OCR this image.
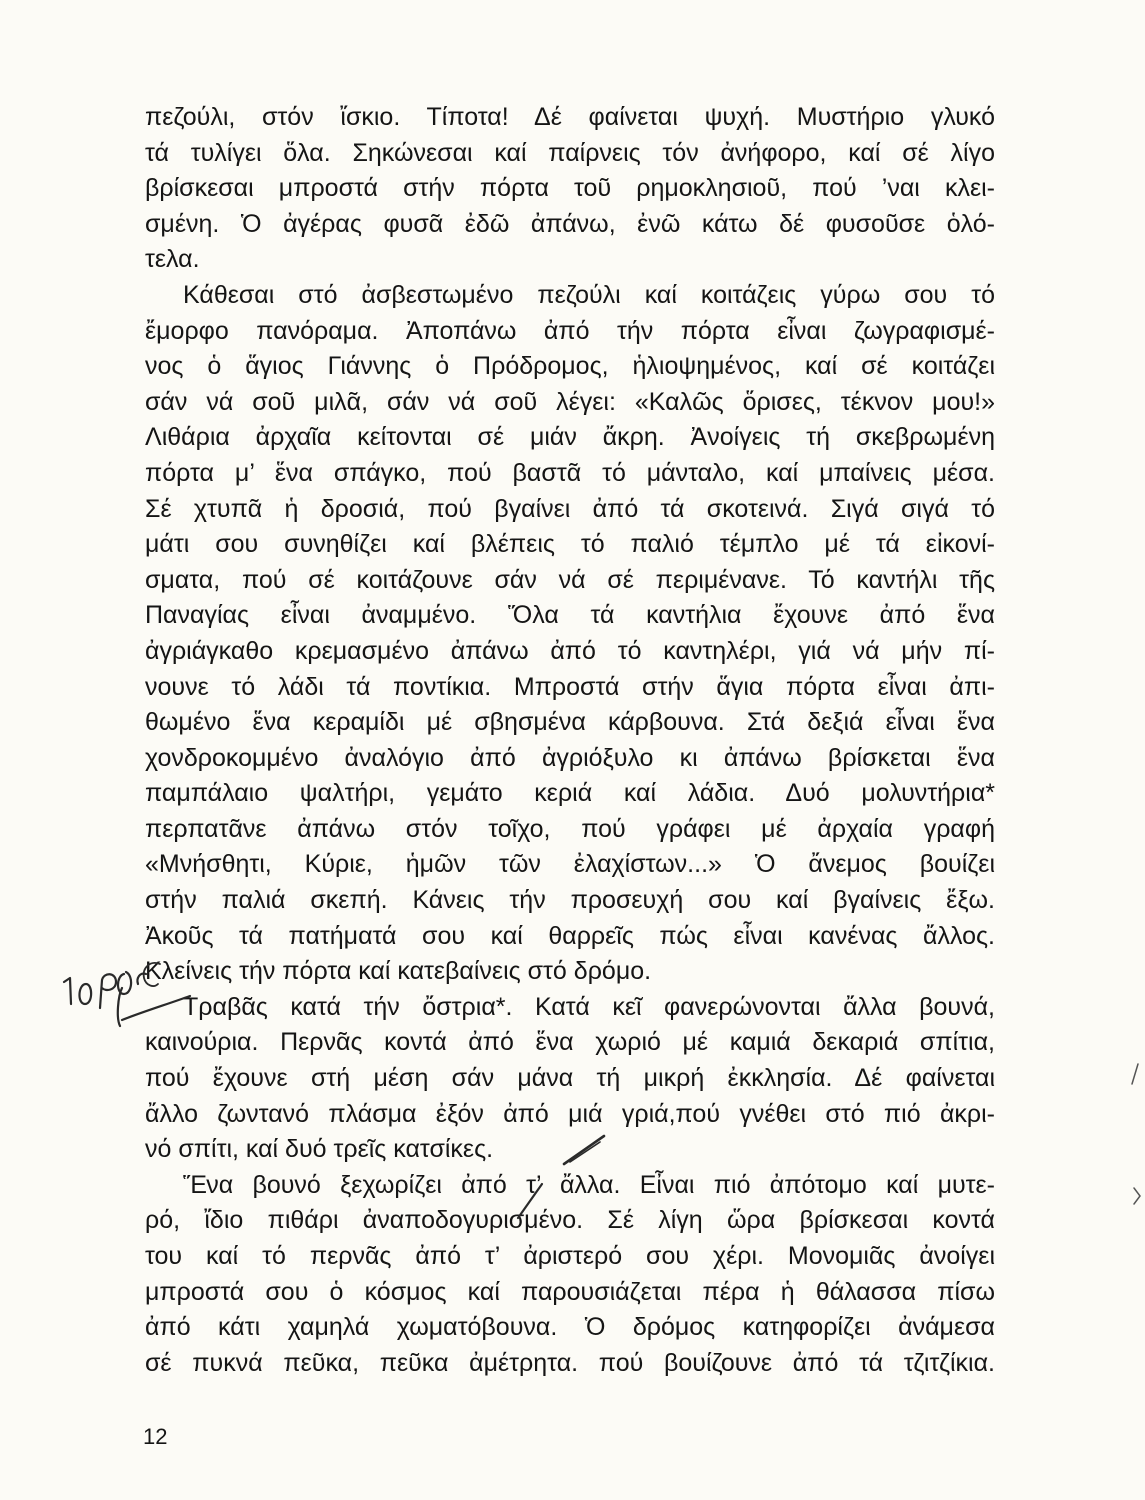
πεζούλι, στόν ἴσκιο. Τίποτα! Δέ φαίνεται ψυχή. Μυστήριο γλυκό
τά τυλίγει ὅλα. Σηκώνεσαι καί παίρνεις τόν ἀνήφορο, καί σέ λίγο
βρίσκεσαι μπροστά στήν πόρτα τοῦ ρημοκλησιοῦ, πού ’ναι κλει-
σμένη. Ὁ ἀγέρας φυσᾶ ἐδῶ ἀπάνω, ἐνῶ κάτω δέ φυσοῦσε ὁλό-
τελα.
Κάθεσαι στό ἀσβεστωμένο πεζούλι καί κοιτάζεις γύρω σου τό
ἔμορφο πανόραμα. Ἀποπάνω ἀπό τήν πόρτα εἶναι ζωγραφισμέ-
νος ὁ ἅγιος Γιάννης ὁ Πρόδρομος, ἡλιοψημένος, καί σέ κοιτάζει
σάν νά σοῦ μιλᾶ, σάν νά σοῦ λέγει: «Καλῶς ὅρισες, τέκνον μου!»
Λιθάρια ἀρχαῖα κείτονται σέ μιάν ἄκρη. Ἀνοίγεις τή σκεβρωμένη
πόρτα μ’ ἕνα σπάγκο, πού βαστᾶ τό μάνταλο, καί μπαίνεις μέσα.
Σέ χτυπᾶ ἡ δροσιά, πού βγαίνει ἀπό τά σκοτεινά. Σιγά σιγά τό
μάτι σου συνηθίζει καί βλέπεις τό παλιό τέμπλο μέ τά εἰκονί-
σματα, πού σέ κοιτάζουνε σάν νά σέ περιμένανε. Τό καντήλι τῆς
Παναγίας εἶναι ἀναμμένο. Ὅλα τά καντήλια ἔχουνε ἀπό ἕνα
ἀγριάγκαθο κρεμασμένο ἀπάνω ἀπό τό καντηλέρι, γιά νά μήν πί-
νουνε τό λάδι τά ποντίκια. Μπροστά στήν ἅγια πόρτα εἶναι ἀπι-
θωμένο ἕνα κεραμίδι μέ σβησμένα κάρβουνα. Στά δεξιά εἶναι ἕνα
χονδροκομμένο ἀναλόγιο ἀπό ἀγριόξυλο κι ἀπάνω βρίσκεται ἕνα
παμπάλαιο ψαλτήρι, γεμάτο κεριά καί λάδια. Δυό μολυντήρια*
περπατᾶνε ἀπάνω στόν τοῖχο, πού γράφει μέ ἀρχαία γραφή
«Μνήσθητι, Κύριε, ἡμῶν τῶν ἐλαχίστων...» Ὁ ἄνεμος βουίζει
στήν παλιά σκεπή. Κάνεις τήν προσευχή σου καί βγαίνεις ἔξω.
Ἀκοῦς τά πατήματά σου καί θαρρεῖς πώς εἶναι κανένας ἄλλος.
Κλείνεις τήν πόρτα καί κατεβαίνεις στό δρόμο.
Τραβᾶς κατά τήν ὄστρια*. Κατά κεῖ φανερώνονται ἄλλα βουνά,
καινούρια. Περνᾶς κοντά ἀπό ἕνα χωριό μέ καμιά δεκαριά σπίτια,
πού ἔχουνε στή μέση σάν μάνα τή μικρή ἐκκλησία. Δέ φαίνεται
ἄλλο ζωντανό πλάσμα ἐξόν ἀπό μιά γριά,πού γνέθει στό πιό ἀκρι-
νό σπίτι, καί δυό τρεῖς κατσίκες.
Ἕνα βουνό ξεχωρίζει ἀπό τ’ ἄλλα. Εἶναι πιό ἀπότομο καί μυτε-
ρό, ἴδιο πιθάρι ἀναποδογυρισμένο. Σέ λίγη ὥρα βρίσκεσαι κοντά
του καί τό περνᾶς ἀπό τ’ ἀριστερό σου χέρι. Μονομιᾶς ἀνοίγει
μπροστά σου ὁ κόσμος καί παρουσιάζεται πέρα ἡ θάλασσα πίσω
ἀπό κάτι χαμηλά χωματόβουνα. Ὁ δρόμος κατηφορίζει ἀνάμεσα
σέ πυκνά πεῦκα, πεῦκα ἀμέτρητα. πού βουίζουνε ἀπό τά τζιτζίκια.
12
